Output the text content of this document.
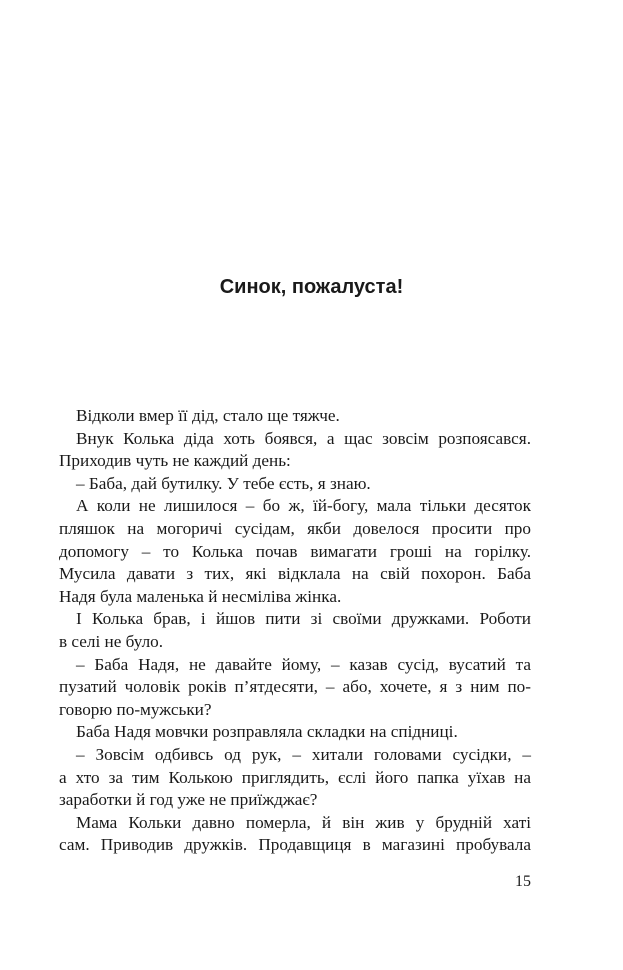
Синок, пожалуста!
Відколи вмер її дід, стало ще тяжче.
Внук Колька діда хоть боявся, а щас зовсім розпоясався.
Приходив чуть не каждий день:
– Баба, дай бутилку. У тебе єсть, я знаю.
А коли не лишилося – бо ж, їй-богу, мала тільки десяток
пляшок на могоричі сусідам, якби довелося просити про
допомогу – то Колька почав вимагати гроші на горілку.
Мусила давати з тих, які відклала на свій похорон. Баба
Надя була маленька й несміліва жінка.
І Колька брав, і йшов пити зі своїми дружками. Роботи
в селі не було.
– Баба Надя, не давайте йому, – казав сусід, вусатий та
пузатий чоловік років п’ятдесяти, – або, хочете, я з ним по-
говорю по-мужськи?
Баба Надя мовчки розправляла складки на спідниці.
– Зовсім одбивсь од рук, – хитали головами сусідки, –
а хто за тим Колькою приглядить, єслі його папка уїхав на
заработки й год уже не приїжджає?
Мама Кольки давно померла, й він жив у брудній хаті
сам. Приводив дружків. Продавщиця в магазині пробувала
15
